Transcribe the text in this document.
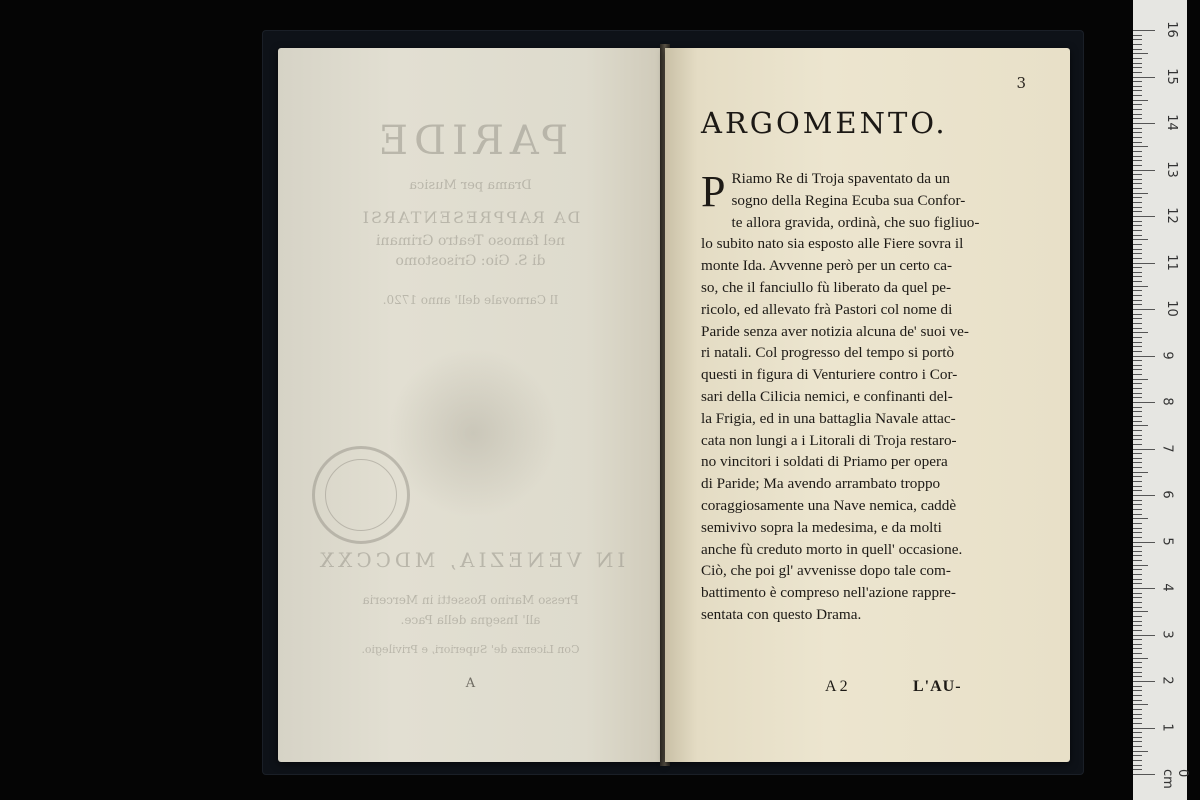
PARIDE
Drama per Musica
DA RAPPRESENTARSI
nel famoso Teatro Grimani
di S. Gio: Grisostomo
Il Carnovale dell' anno 1720.
IN VENEZIA, MDCCXX
Presso Marino Rossetti in Merceria
all' Insegna della Pace.
Con Licenza de' Superiori, e Privilegio.
A
3
ARGOMENTO.
P Riamo Re di Troja spaventato da un
sogno della Regina Ecuba sua Confor-
te allora gravida, ordinà, che suo figliuo-
lo subito nato sia esposto alle Fiere sovra il
monte Ida. Avvenne però per un certo ca-
so, che il fanciullo fù liberato da quel pe-
ricolo, ed allevato frà Pastori col nome di
Paride senza aver notizia alcuna de' suoi ve-
ri natali. Col progresso del tempo si portò
questi in figura di Venturiere contro i Cor-
sari della Cilicia nemici, e confinanti del-
la Frigia, ed in una battaglia Navale attac-
cata non lungi a i Litorali di Troja restaro-
no vincitori i soldati di Priamo per opera
di Paride; Ma avendo arrambato troppo
coraggiosamente una Nave nemica, caddè
semivivo sopra la medesima, e da molti
anche fù creduto morto in quell' occasione.
Ciò, che poi gl' avvenisse dopo tale com-
battimento è compreso nell'azione rappre-
sentata con questo Drama.
A 2	L'AU-
16
15
14
13
12
11
10
9
8
7
6
5
4
3
2
1
0 cm
